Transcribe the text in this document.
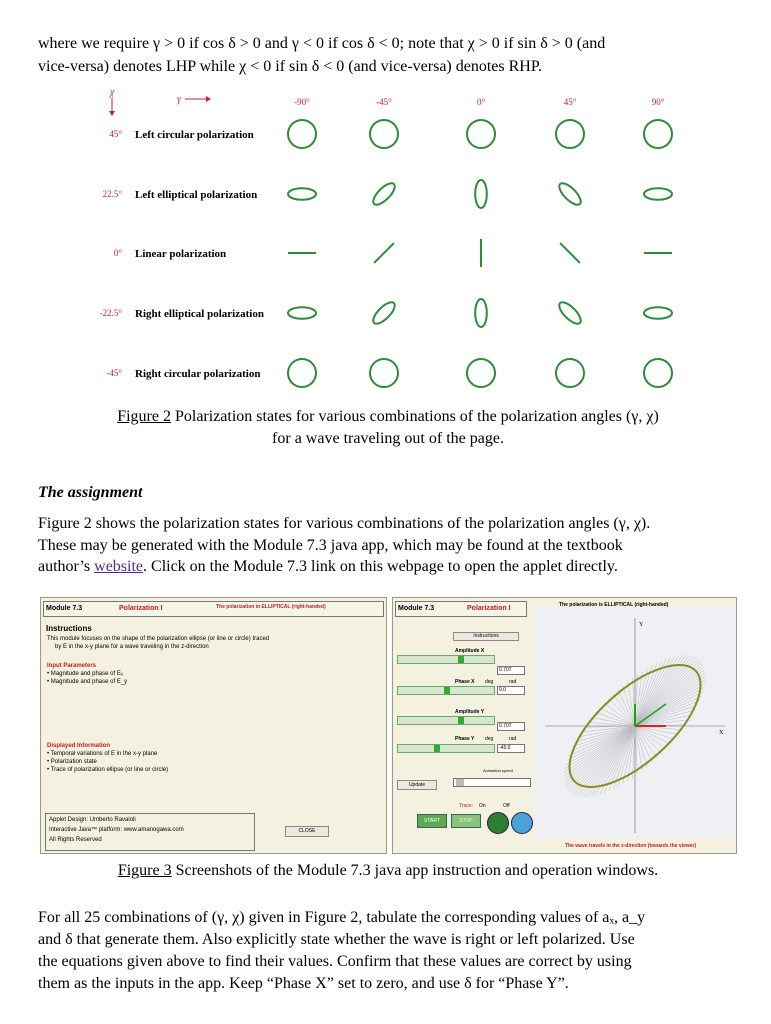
where we require γ > 0 if cos δ > 0 and γ < 0 if cos δ < 0; note that χ > 0 if sin δ > 0 (and
vice-versa) denotes LHP while χ < 0 if sin δ < 0 (and vice-versa) denotes RHP.
χ
γ	-90°	-45°	0°	45°	90°
45° Left circular polarization
22.5° Left elliptical polarization
0° Linear polarization
-22.5° Right elliptical polarization
-45° Right circular polarization
Figure 2 Polarization states for various combinations of the polarization angles (γ, χ)
for a wave traveling out of the page.
The assignment
Figure 2 shows the polarization states for various combinations of the polarization angles (γ, χ).
These may be generated with the Module 7.3 java app, which may be found at the textbook
author’s website. Click on the Module 7.3 link on this webpage to open the applet directly.
Module 7.3	Polarization I	The polarization in ELLIPTICAL (right-handed)
Instructions
This module focuses on the shape of the polarization ellipse (or line or circle) traced
by E in the x-y plane for a wave traveling in the z-direction
Input Parameters
• Magnitude and phase of Eₓ
• Magnitude and phase of E_y
Displayed Information
• Temporal variations of E in the x-y plane
• Polarization state
• Trace of polarization ellipse (or line or circle)
Applet Design: Umberto Ravaioli
Interactive Java™ platform: www.amanogawa.com
All Rights Reserved
CLOSE
Module 7.3	Polarization I	The polarization is ELLIPTICAL (right-handed)
Instructions
Amplitude X
0.707
Phase X deg	rad
0.0
Amplitude Y
0.707
Phase Y deg	rad
-45.0
Animation speed
Update
Trace: On	Off
START	STOP
Y
X
The wave travels in the z-direction (towards the viewer)
Figure 3 Screenshots of the Module 7.3 java app instruction and operation windows.
For all 25 combinations of (γ, χ) given in Figure 2, tabulate the corresponding values of aₓ, a_y
and δ that generate them. Also explicitly state whether the wave is right or left polarized. Use
the equations given above to find their values. Confirm that these values are correct by using
them as the inputs in the app. Keep “Phase X” set to zero, and use δ for “Phase Y”.
